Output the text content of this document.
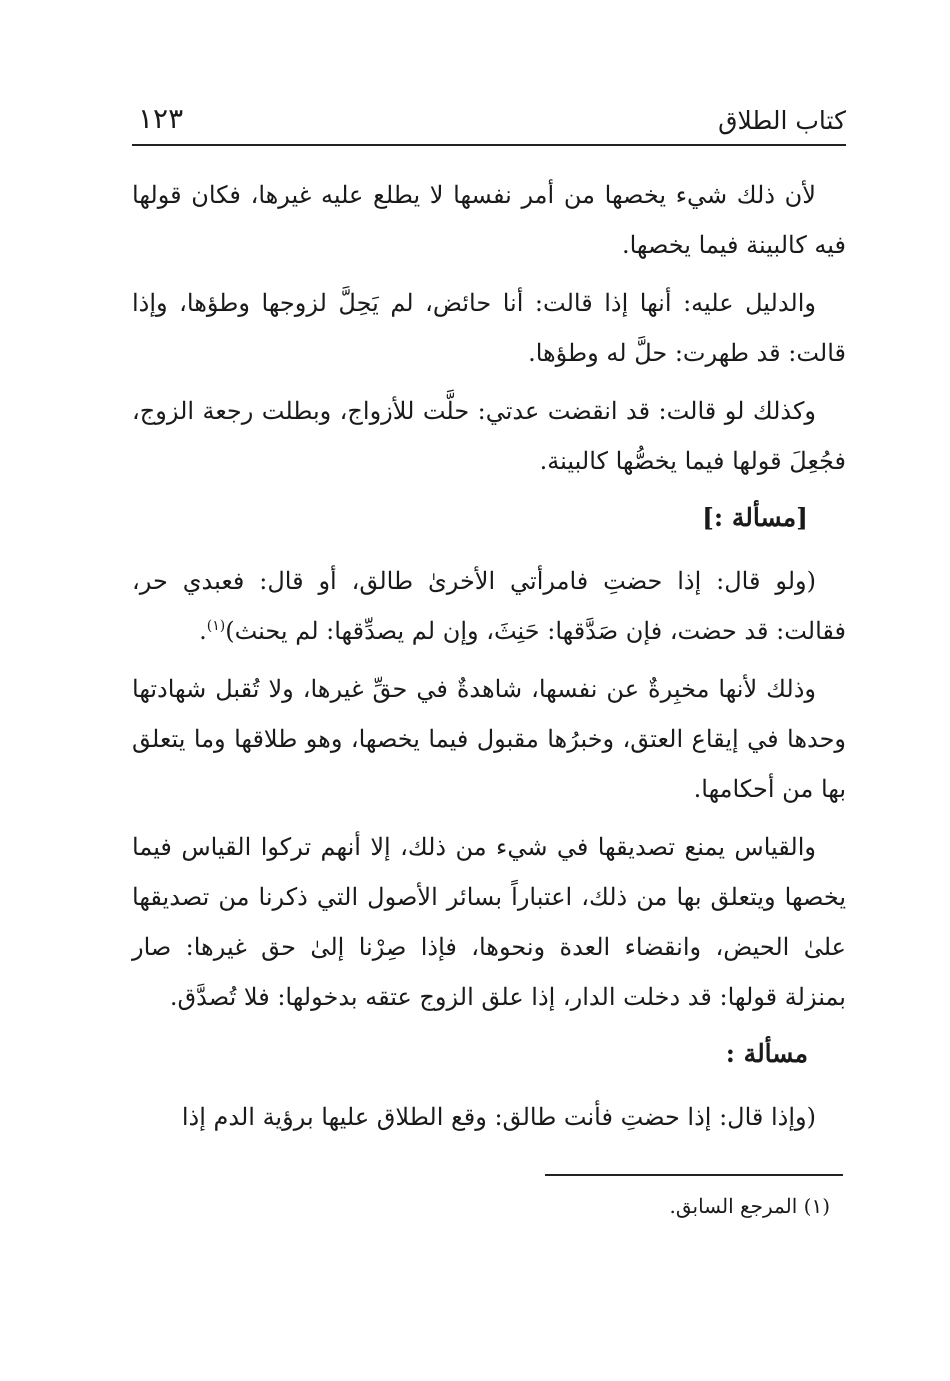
كتاب الطلاق
١٢٣

لأن ذلك شيء يخصها من أمر نفسها لا يطلع عليه غيرها، فكان قولها فيه كالبينة فيما يخصها.

والدليل عليه: أنها إذا قالت: أنا حائض، لم يَحِلَّ لزوجها وطؤها، وإذا قالت: قد طهرت: حلَّ له وطؤها.

وكذلك لو قالت: قد انقضت عدتي: حلَّت للأزواج، وبطلت رجعة الزوج، فجُعِلَ قولها فيما يخصُّها كالبينة.

[مسألة :]

(ولو قال: إذا حضتِ فامرأتي الأخرىٰ طالق، أو قال: فعبدي حر، فقالت: قد حضت، فإن صَدَّقها: حَنِثَ، وإن لم يصدِّقها: لم يحنث)$^{(١)}$.

وذلك لأنها مخبِرةٌ عن نفسها، شاهدةٌ في حقِّ غيرها، ولا تُقبل شهادتها وحدها في إيقاع العتق، وخبرُها مقبول فيما يخصها، وهو طلاقها وما يتعلق بها من أحكامها.

والقياس يمنع تصديقها في شيء من ذلك، إلا أنهم تركوا القياس فيما يخصها ويتعلق بها من ذلك، اعتباراً بسائر الأصول التي ذكرنا من تصديقها علىٰ الحيض، وانقضاء العدة ونحوها، فإذا صِرْنا إلىٰ حق غيرها: صار بمنزلة قولها: قد دخلت الدار، إذا علق الزوج عتقه بدخولها: فلا تُصدَّق.

مسألة :

(وإذا قال: إذا حضتِ فأنت طالق: وقع الطلاق عليها برؤية الدم إذا

(١) المرجع السابق.
